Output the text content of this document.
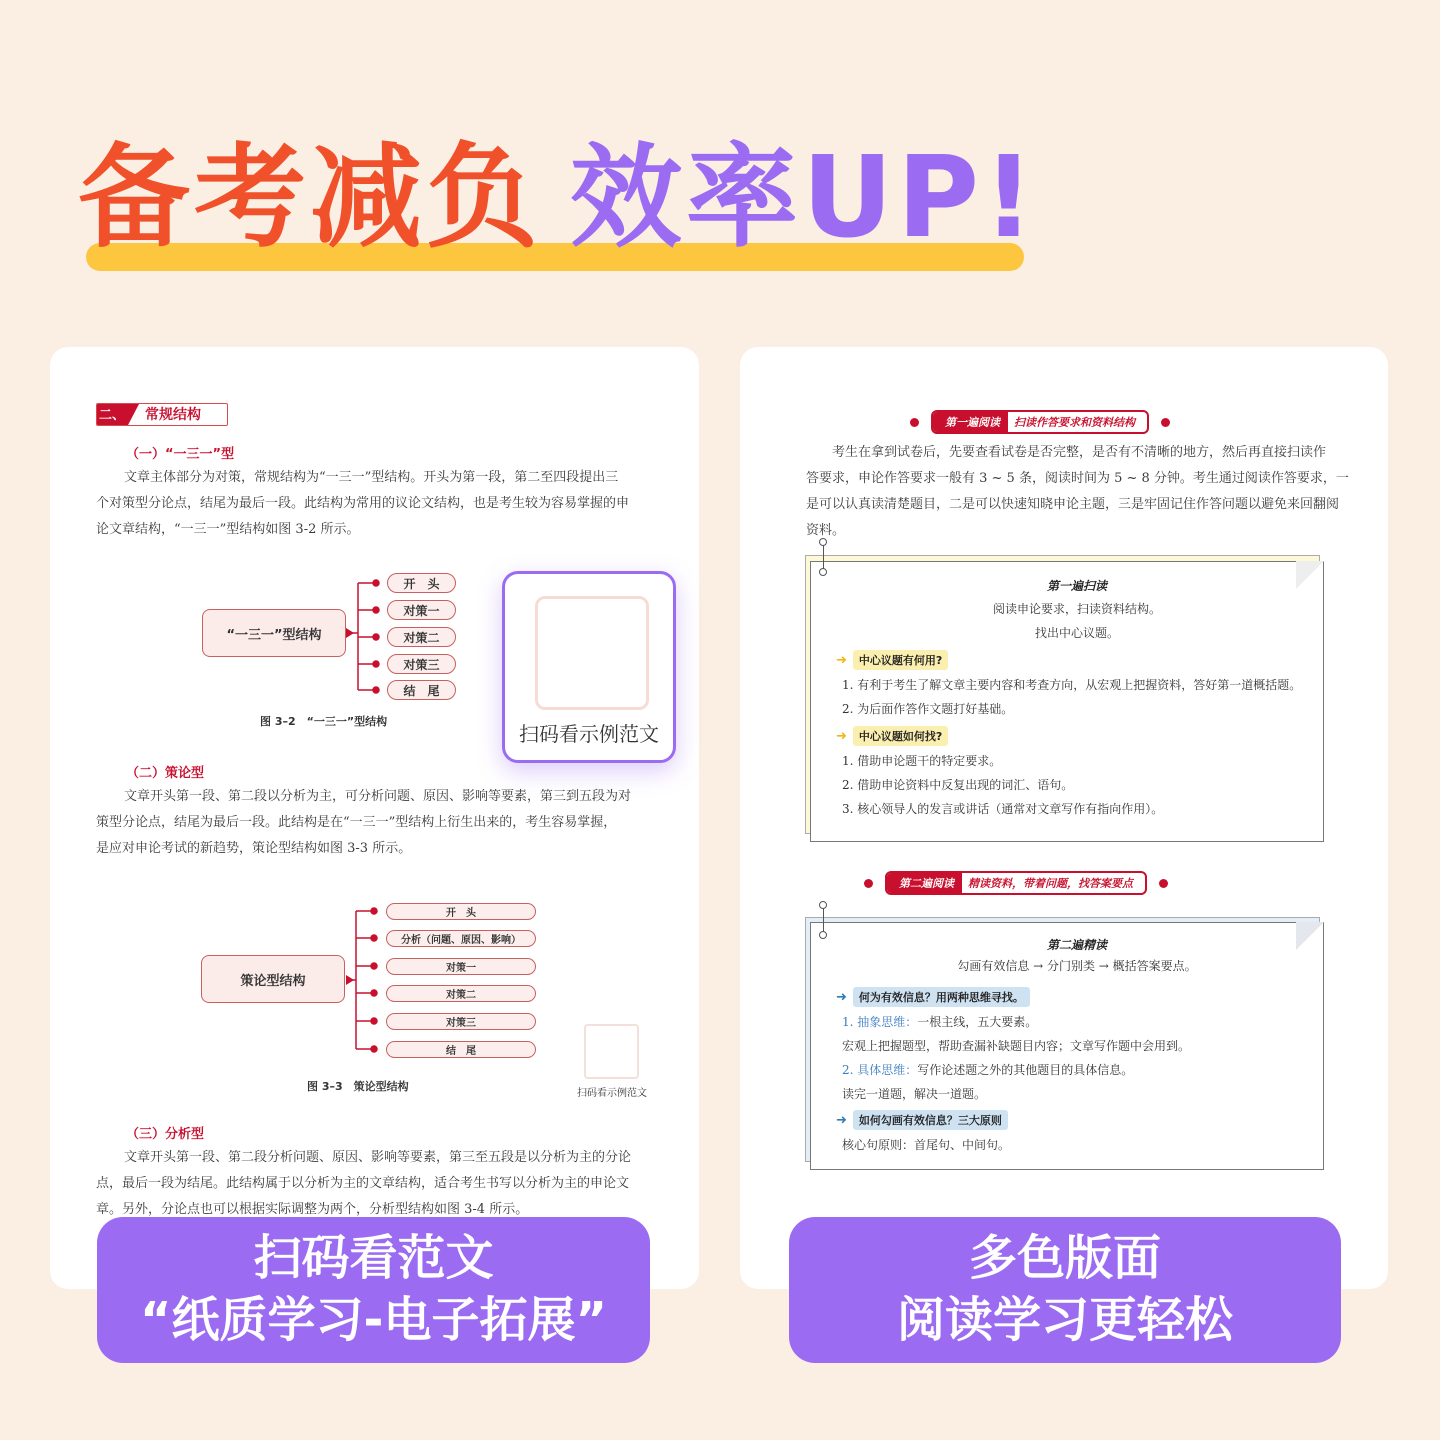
备考减负 效率UP!
二、 常规结构
（一）“一三一”型
文章主体部分为对策，常规结构为“一三一”型结构。开头为第一段，第二至四段提出三
个对策型分论点，结尾为最后一段。此结构为常用的议论文结构，也是考生较为容易掌握的申
论文章结构，“一三一”型结构如图 3-2 所示。
“一三一”型结构
开　头
对策一
对策二
对策三
结　尾
图 3–2　“一三一”型结构
扫码看示例范文
（二）策论型
文章开头第一段、第二段以分析为主，可分析问题、原因、影响等要素，第三到五段为对
策型分论点，结尾为最后一段。此结构是在“一三一”型结构上衍生出来的，考生容易掌握，
是应对申论考试的新趋势，策论型结构如图 3-3 所示。
策论型结构
开　头
分析（问题、原因、影响）
对策一
对策二
对策三
结　尾
图 3–3　策论型结构
扫码看示例范文
（三）分析型
文章开头第一段、第二段分析问题、原因、影响等要素，第三至五段是以分析为主的分论
点，最后一段为结尾。此结构属于以分析为主的文章结构，适合考生书写以分析为主的申论文
章。另外，分论点也可以根据实际调整为两个，分析型结构如图 3-4 所示。
第一遍阅读	扫读作答要求和资料结构
考生在拿到试卷后，先要查看试卷是否完整，是否有不清晰的地方，然后再直接扫读作
答要求，申论作答要求一般有 3 ~ 5 条，阅读时间为 5 ~ 8 分钟。考生通过阅读作答要求，一
是可以认真读清楚题目，二是可以快速知晓申论主题，三是牢固记住作答问题以避免来回翻阅
资料。
第一遍扫读
阅读申论要求，扫读资料结构。
找出中心议题。
➜ 中心议题有何用?
1. 有利于考生了解文章主要内容和考查方向，从宏观上把握资料，答好第一道概括题。
2. 为后面作答作文题打好基础。
➜ 中心议题如何找?
1. 借助申论题干的特定要求。
2. 借助申论资料中反复出现的词汇、语句。
3. 核心领导人的发言或讲话（通常对文章写作有指向作用）。
第二遍阅读	精读资料，带着问题，找答案要点
第二遍精读
勾画有效信息 → 分门别类 → 概括答案要点。
➜ 何为有效信息？用两种思维寻找。
1. 抽象思维：一根主线，五大要素。
宏观上把握题型，帮助查漏补缺题目内容；文章写作题中会用到。
2. 具体思维：写作论述题之外的其他题目的具体信息。
读完一道题，解决一道题。
➜ 如何勾画有效信息？三大原则
核心句原则：首尾句、中间句。
扫码看范文
“纸质学习-电子拓展”
多色版面
阅读学习更轻松
